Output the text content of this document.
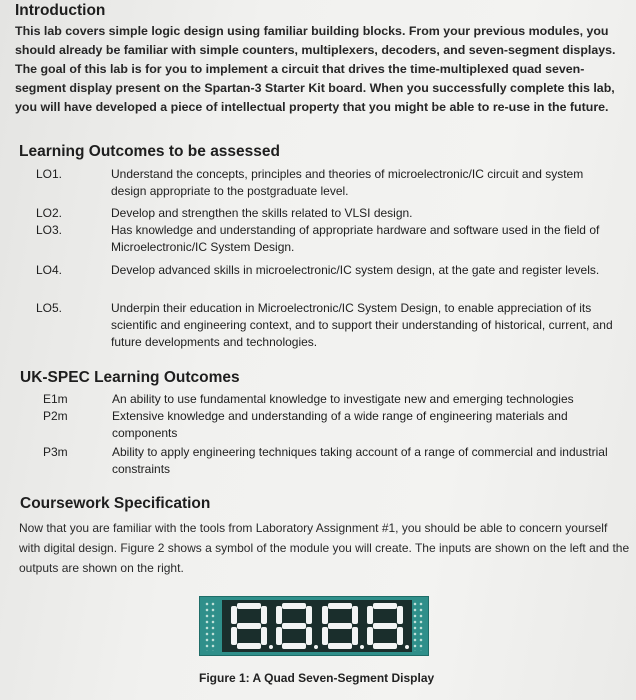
Introduction

This lab covers simple logic design using familiar building blocks. From your previous modules, you should already be familiar with simple counters, multiplexers, decoders, and seven-segment displays. The goal of this lab is for you to implement a circuit that drives the time-multiplexed quad seven-segment display present on the Spartan-3 Starter Kit board. When you successfully complete this lab, you will have developed a piece of intellectual property that you might be able to re-use in the future.

Learning Outcomes to be assessed
LO1.	Understand the concepts, principles and theories of microelectronic/IC circuit and system design appropriate to the postgraduate level.
LO2.	Develop and strengthen the skills related to VLSI design.
LO3.	Has knowledge and understanding of appropriate hardware and software used in the field of Microelectronic/IC System Design.
LO4.	Develop advanced skills in microelectronic/IC system design, at the gate and register levels.
LO5.	Underpin their education in Microelectronic/IC System Design, to enable appreciation of its scientific and engineering context, and to support their understanding of historical, current, and future developments and technologies.
UK-SPEC Learning Outcomes
E1m	An ability to use fundamental knowledge to investigate new and emerging technologies
P2m	Extensive knowledge and understanding of a wide range of engineering materials and components
P3m	Ability to apply engineering techniques taking account of a range of commercial and industrial constraints
Coursework Specification

Now that you are familiar with the tools from Laboratory Assignment #1, you should be able to concern yourself with digital design. Figure 2 shows a symbol of the module you will create. The inputs are shown on the left and the outputs are shown on the right.

Figure 1: A Quad Seven-Segment Display
